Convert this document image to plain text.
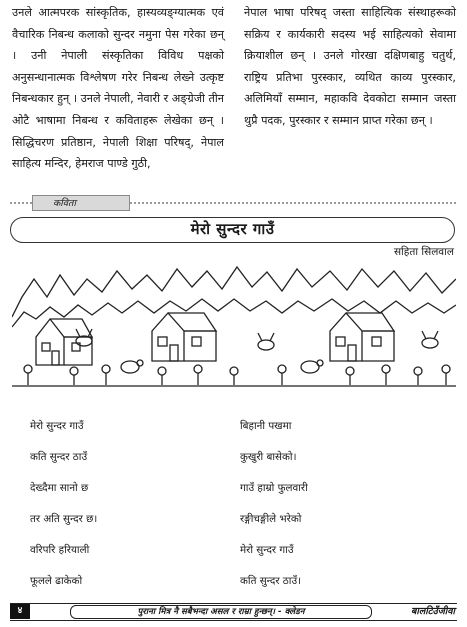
उनले आत्मपरक सांस्कृतिक, हास्यव्यङ्ग्यात्मक एवं वैचारिक निबन्ध कलाको सुन्दर नमुना पेस गरेका छन् । उनी नेपाली संस्कृतिका विविध पक्षको अनुसन्धानात्मक विश्लेषण गरेर निबन्ध लेख्ने उत्कृष्ट निबन्धकार हुन् । उनले नेपाली, नेवारी र अङ्ग्रेजी तीन ओटै भाषामा निबन्ध र कविताहरू लेखेका छन् । सिद्धिचरण प्रतिष्ठान, नेपाली शिक्षा परिषद्, नेपाल साहित्य मन्दिर, हेमराज पाण्डे गुठी,

नेपाल भाषा परिषद् जस्ता साहित्यिक संस्थाहरूको सक्रिय र कार्यकारी सदस्य भई साहित्यको सेवामा क्रियाशील छन् । उनले गोरखा दक्षिणबाहु चतुर्थ, राष्ट्रिय प्रतिभा पुरस्कार, व्यथित काव्य पुरस्कार, अलिमियाँ सम्मान, महाकवि देवकोटा सम्मान जस्ता थुप्रै पदक, पुरस्कार र सम्मान प्राप्त गरेका छन् ।

कविता
मेरो सुन्दर गाउँ
सहिता सिलवाल
मेरो सुन्दर गाउँ
कति सुन्दर ठाउँ
देख्दैमा सानो छ
तर अति सुन्दर छ।
वरिपरि हरियाली
फूलले ढाकेको
बिहानी पखमा
कुखुरी बासेको।
गाउँ हाम्रो फुलवारी
रङ्गीचङ्गीले भरेको
मेरो सुन्दर गाउँ
कति सुन्दर ठाउँ।
४	पुराना मित्र नै सबैभन्दा असल र राम्रा हुन्छन्। ‐ क्लेडन	बालटिउँजीवा
